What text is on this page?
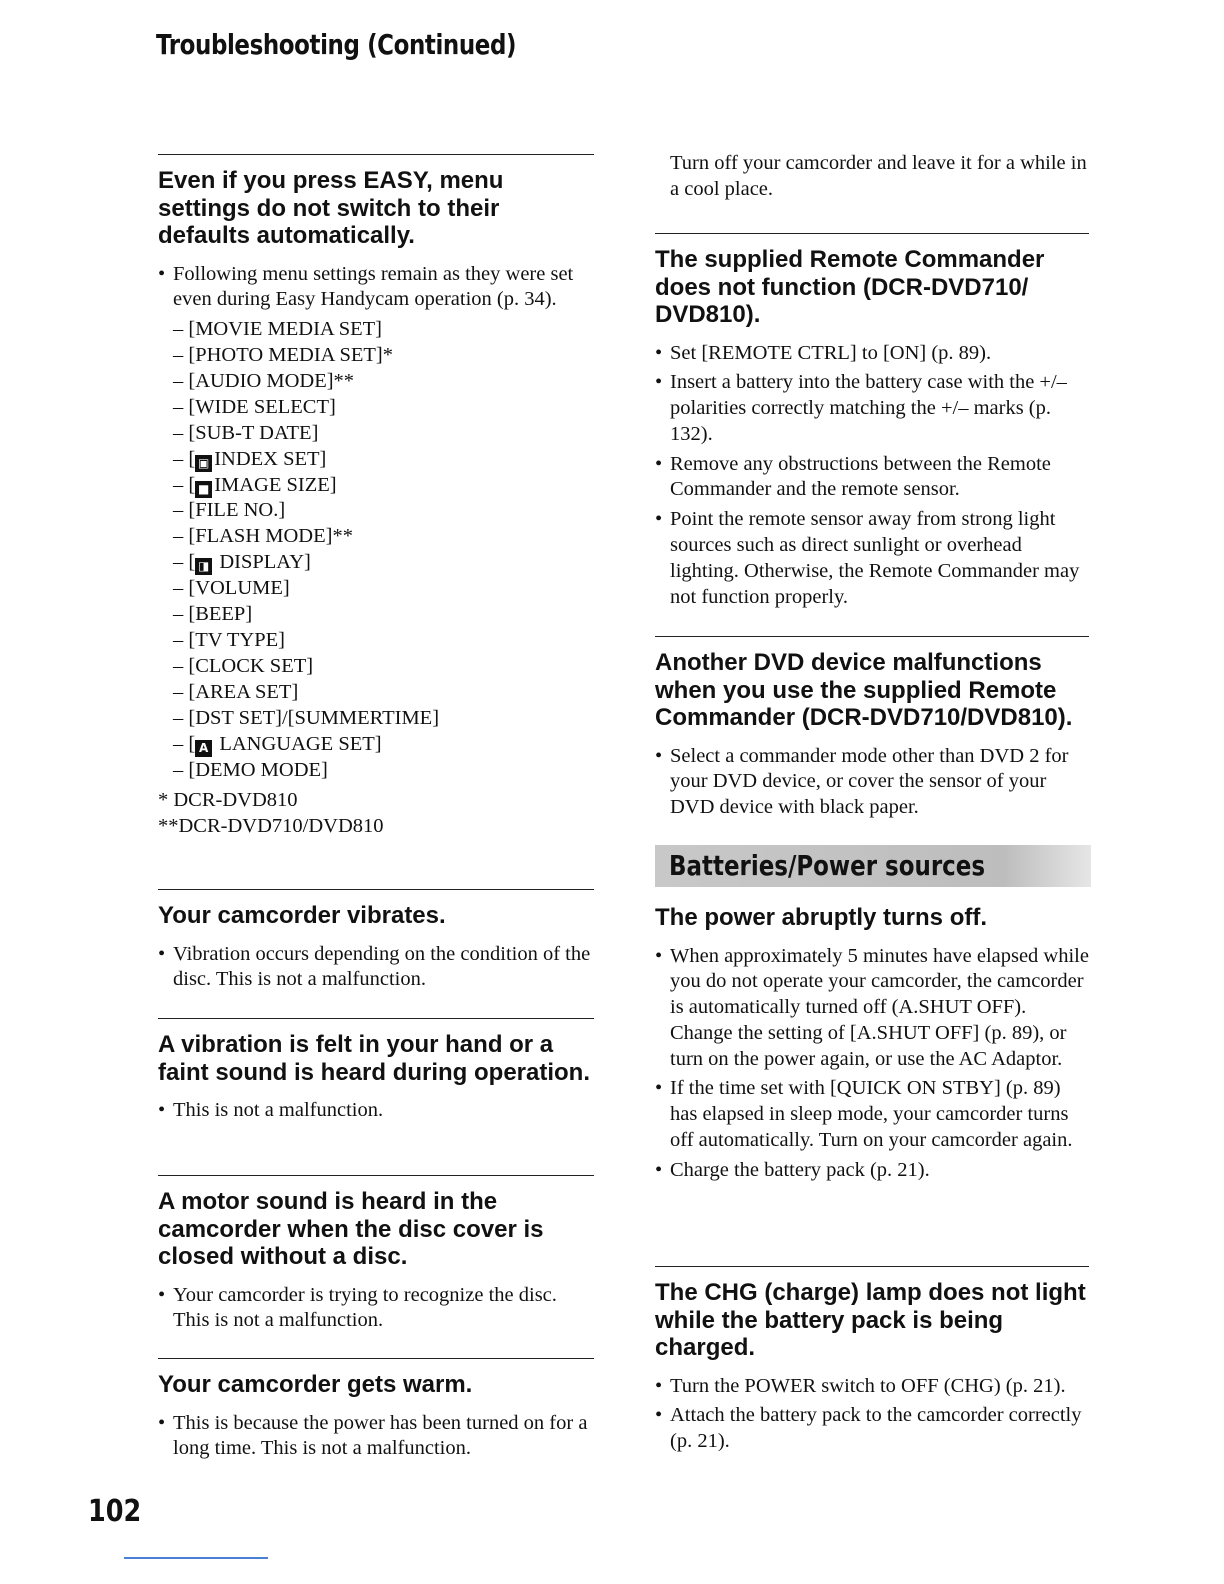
Troubleshooting (Continued)
Even if you press EASY, menu settings do not switch to their defaults automatically.
• Following menu settings remain as they were set even during Easy Handycam operation (p. 34).
– [MOVIE MEDIA SET]
– [PHOTO MEDIA SET]*
– [AUDIO MODE]**
– [WIDE SELECT]
– [SUB-T DATE]
– [ ▣ INDEX SET]
– [ ■ IMAGE SIZE]
– [FILE NO.]
– [FLASH MODE]**
– [ ◨ DISPLAY]
– [VOLUME]
– [BEEP]
– [TV TYPE]
– [CLOCK SET]
– [AREA SET]
– [DST SET]/[SUMMERTIME]
– [ A LANGUAGE SET]
– [DEMO MODE]

* DCR-DVD810

**DCR-DVD710/DVD810

Your camcorder vibrates.
• Vibration occurs depending on the condition of the disc. This is not a malfunction.
A vibration is felt in your hand or a faint sound is heard during operation.
• This is not a malfunction.
A motor sound is heard in the camcorder when the disc cover is closed without a disc.
• Your camcorder is trying to recognize the disc. This is not a malfunction.
Your camcorder gets warm.
• This is because the power has been turned on for a long time. This is not a malfunction.

Turn off your camcorder and leave it for a while in a cool place.

The supplied Remote Commander does not function (DCR-DVD710/ DVD810).
• Set [REMOTE CTRL] to [ON] (p. 89).
• Insert a battery into the battery case with the +/– polarities correctly matching the +/– marks (p. 132).
• Remove any obstructions between the Remote Commander and the remote sensor.
• Point the remote sensor away from strong light sources such as direct sunlight or overhead lighting. Otherwise, the Remote Commander may not function properly.
Another DVD device malfunctions when you use the supplied Remote Commander (DCR-DVD710/DVD810).
• Select a commander mode other than DVD 2 for your DVD device, or cover the sensor of your DVD device with black paper.
Batteries/Power sources
The power abruptly turns off.
• When approximately 5 minutes have elapsed while you do not operate your camcorder, the camcorder is automatically turned off (A.SHUT OFF). Change the setting of [A.SHUT OFF] (p. 89), or turn on the power again, or use the AC Adaptor.
• If the time set with [QUICK ON STBY] (p. 89) has elapsed in sleep mode, your camcorder turns off automatically. Turn on your camcorder again.
• Charge the battery pack (p. 21).
The CHG (charge) lamp does not light while the battery pack is being charged.
• Turn the POWER switch to OFF (CHG) (p. 21).
• Attach the battery pack to the camcorder correctly (p. 21).
102
